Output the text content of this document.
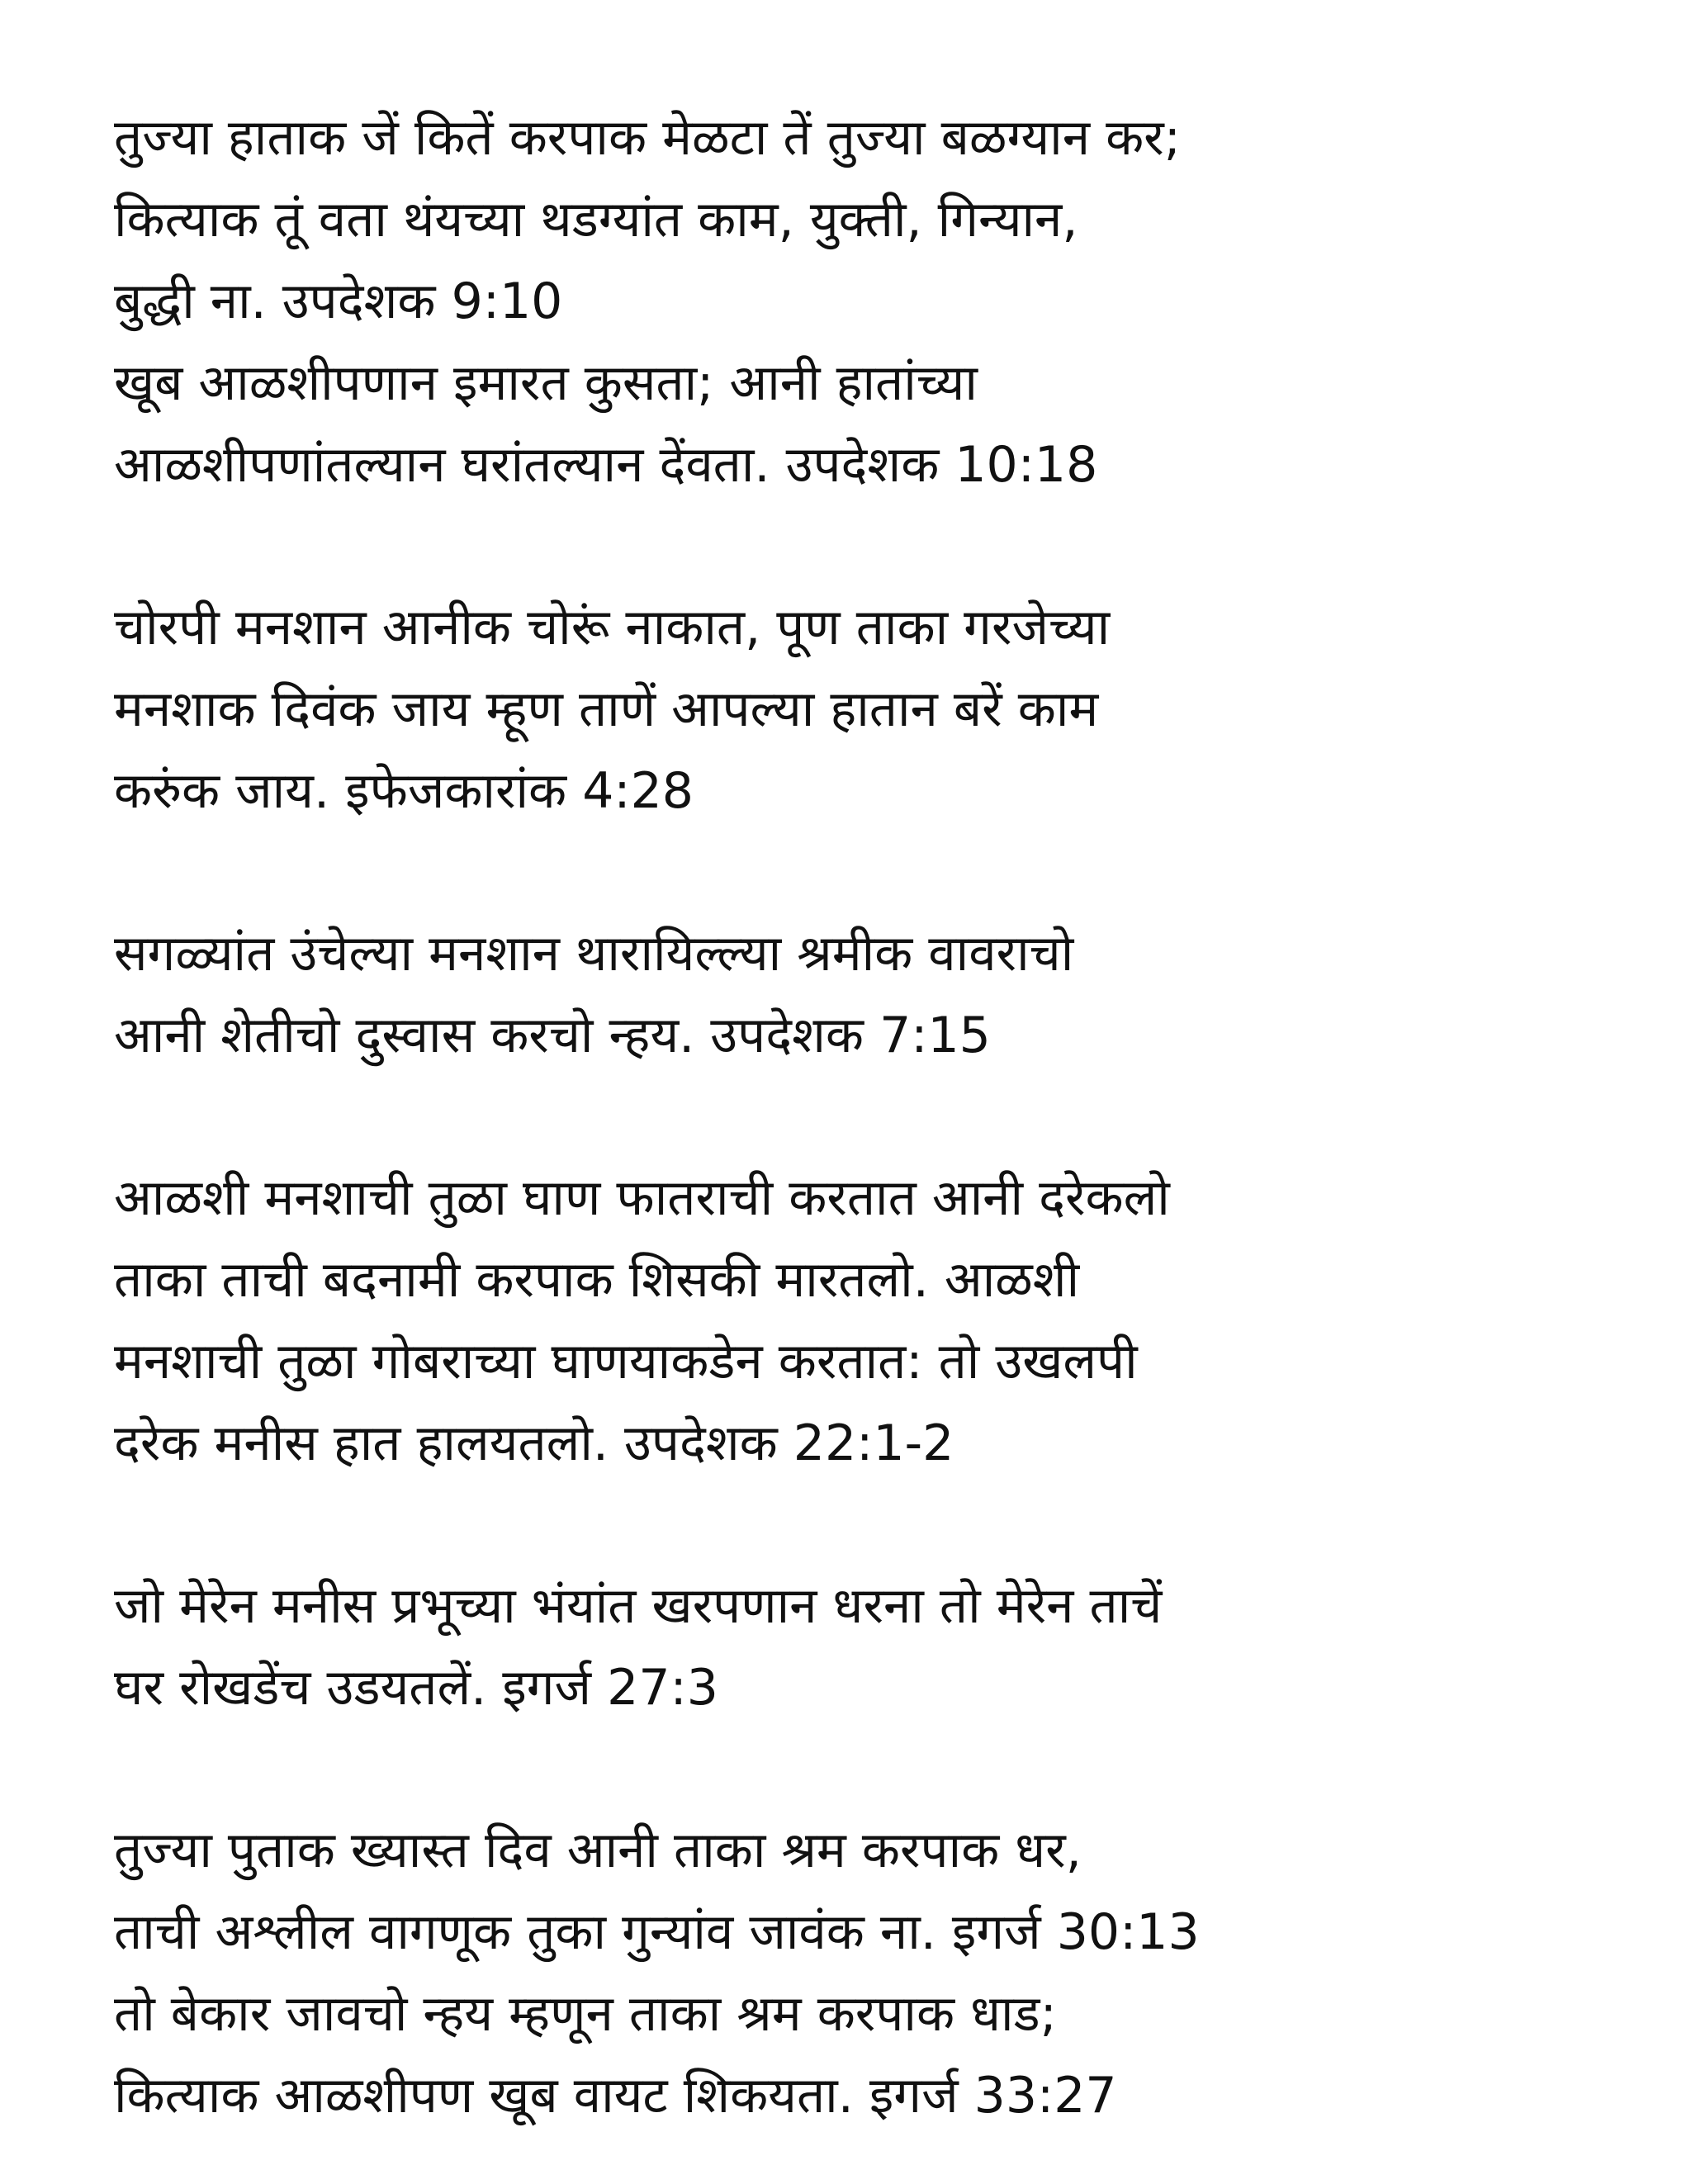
तुज्या हाताक जें कितें करपाक मेळटा तें तुज्या बळग्यान कर;
कित्याक तूं वता थंयच्या थडग्यांत काम, युक्ती, गिन्यान,
बुद्धी ना. उपदेशक 9:10
खूब आळशीपणान इमारत कुसता; आनी हातांच्या
आळशीपणांतल्यान घरांतल्यान देंवता. उपदेशक 10:18
चोरपी मनशान आनीक चोरूं नाकात, पूण ताका गरजेच्या
मनशाक दिवंक जाय म्हूण ताणें आपल्या हातान बरें काम
करुंक जाय. इफेजकारांक 4:28
सगळ्यांत उंचेल्या मनशान थारायिल्ल्या श्रमीक वावराचो
आनी शेतीचो दुस्वास करचो न्हय. उपदेशक 7:15
आळशी मनशाची तुळा घाण फातराची करतात आनी दरेकलो
ताका ताची बदनामी करपाक शिसकी मारतलो. आळशी
मनशाची तुळा गोबराच्या घाणयाकडेन करतात: तो उखलपी
दरेक मनीस हात हालयतलो. उपदेशक 22:1-2
जो मेरेन मनीस प्रभूच्या भंयांत खरपणान धरना तो मेरेन ताचें
घर रोखडेंच उडयतलें. इगर्ज 27:3
तुज्या पुताक ख्यास्त दिव आनी ताका श्रम करपाक धर,
ताची अश्लील वागणूक तुका गुन्यांव जावंक ना. इगर्ज 30:13
तो बेकार जावचो न्हय म्हणून ताका श्रम करपाक धाड;
कित्याक आळशीपण खूब वायट शिकयता. इगर्ज 33:27
